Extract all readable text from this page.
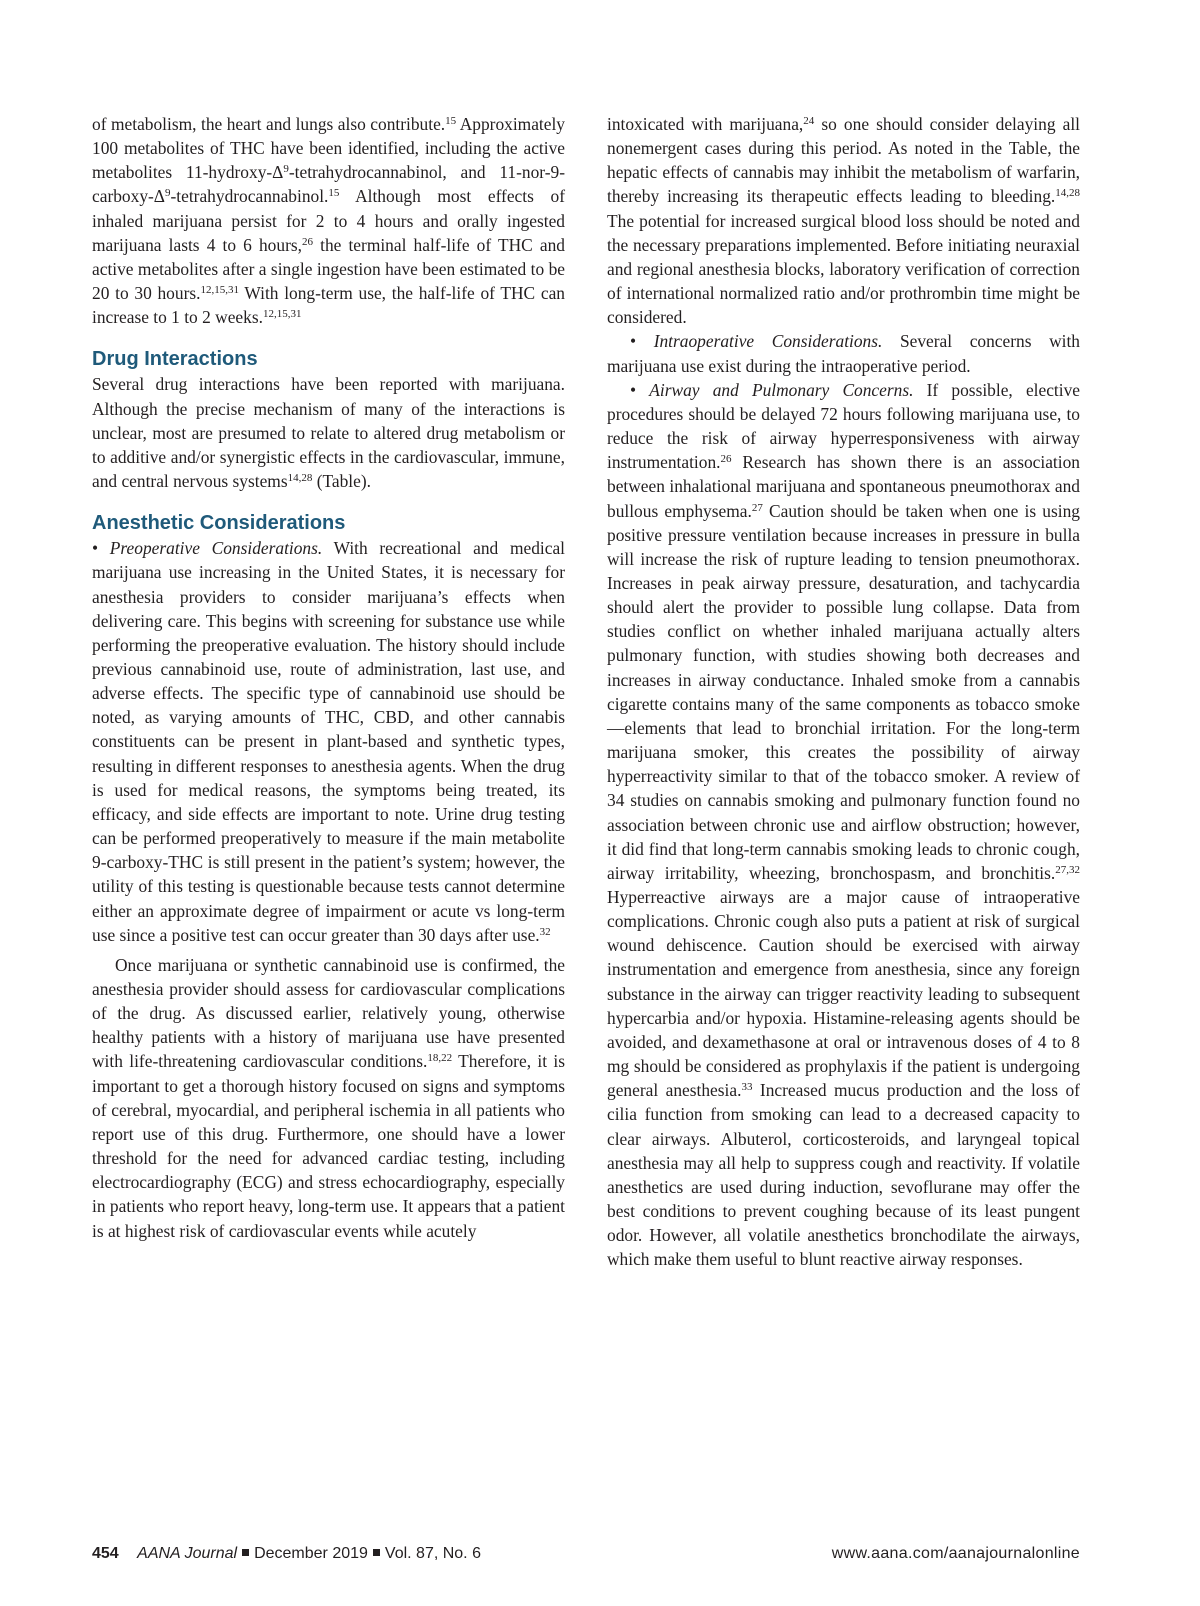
of metabolism, the heart and lungs also contribute.$^{15}$ Approximately 100 metabolites of THC have been identified, including the active metabolites $11-hydroxy-\Delta^9$-tetrahydrocannabinol, and $11-nor-9-carboxy-\Delta^9-tetrahydrocannabinol.^{15}$ Although most effects of inhaled marijuana persist for 2 to 4 hours and orally ingested marijuana lasts 4 to 6 hours,$^{26}$ the terminal half-life of THC and active metabolites after a single ingestion have been estimated to be 20 to 30 hours.$^{12,15,31}$ With long-term use, the half-life of THC can increase to 1 to 2 weeks.$^{12,15,31}$

Drug Interactions

Several drug interactions have been reported with marijuana. Although the precise mechanism of many of the interactions is unclear, most are presumed to relate to altered drug metabolism or to additive and/or synergistic effects in the cardiovascular, immune, and central nervous systems$^{14,28}$ (Table).

Anesthetic Considerations

• Preoperative Considerations. With recreational and medical marijuana use increasing in the United States, it is necessary for anesthesia providers to consider marijuana’s effects when delivering care. This begins with screening for substance use while performing the preoperative evaluation. The history should include previous cannabinoid use, route of administration, last use, and adverse effects. The specific type of cannabinoid use should be noted, as varying amounts of THC, CBD, and other cannabis constituents can be present in plant-based and synthetic types, resulting in different responses to anesthesia agents. When the drug is used for medical reasons, the symptoms being treated, its efficacy, and side effects are important to note. Urine drug testing can be performed preoperatively to measure if the main metabolite 9-carboxy-THC is still present in the patient’s system; however, the utility of this testing is questionable because tests cannot determine either an approximate degree of impairment or acute vs long-term use since a positive test can occur greater than 30 days after use.$^{32}$

Once marijuana or synthetic cannabinoid use is confirmed, the anesthesia provider should assess for cardiovascular complications of the drug. As discussed earlier, relatively young, otherwise healthy patients with a history of marijuana use have presented with life-threatening cardiovascular conditions.$^{18,22}$ Therefore, it is important to get a thorough history focused on signs and symptoms of cerebral, myocardial, and peripheral ischemia in all patients who report use of this drug. Furthermore, one should have a lower threshold for the need for advanced cardiac testing, including electrocardiography (ECG) and stress echocardiography, especially in patients who report heavy, long-term use. It appears that a patient is at highest risk of cardiovascular events while acutely

intoxicated with marijuana,$^{24}$ so one should consider delaying all nonemergent cases during this period. As noted in the Table, the hepatic effects of cannabis may inhibit the metabolism of warfarin, thereby increasing its therapeutic effects leading to bleeding.$^{14,28}$ The potential for increased surgical blood loss should be noted and the necessary preparations implemented. Before initiating neuraxial and regional anesthesia blocks, laboratory verification of correction of international normalized ratio and/or prothrombin time might be considered.

• Intraoperative Considerations. Several concerns with marijuana use exist during the intraoperative period.

• Airway and Pulmonary Concerns. If possible, elective procedures should be delayed 72 hours following marijuana use, to reduce the risk of airway hyperresponsiveness with airway instrumentation.$^{26}$ Research has shown there is an association between inhalational marijuana and spontaneous pneumothorax and bullous emphysema.$^{27}$ Caution should be taken when one is using positive pressure ventilation because increases in pressure in bulla will increase the risk of rupture leading to tension pneumothorax. Increases in peak airway pressure, desaturation, and tachycardia should alert the provider to possible lung collapse. Data from studies conflict on whether inhaled marijuana actually alters pulmonary function, with studies showing both decreases and increases in airway conductance. Inhaled smoke from a cannabis cigarette contains many of the same components as tobacco smoke—elements that lead to bronchial irritation. For the long-term marijuana smoker, this creates the possibility of airway hyperreactivity similar to that of the tobacco smoker. A review of 34 studies on cannabis smoking and pulmonary function found no association between chronic use and airflow obstruction; however, it did find that long-term cannabis smoking leads to chronic cough, airway irritability, wheezing, bronchospasm, and bronchitis.$^{27,32}$ Hyperreactive airways are a major cause of intraoperative complications. Chronic cough also puts a patient at risk of surgical wound dehiscence. Caution should be exercised with airway instrumentation and emergence from anesthesia, since any foreign substance in the airway can trigger reactivity leading to subsequent hypercarbia and/or hypoxia. Histamine-releasing agents should be avoided, and dexamethasone at oral or intravenous doses of 4 to 8 mg should be considered as prophylaxis if the patient is undergoing general anesthesia.$^{33}$ Increased mucus production and the loss of cilia function from smoking can lead to a decreased capacity to clear airways. Albuterol, corticosteroids, and laryngeal topical anesthesia may all help to suppress cough and reactivity. If volatile anesthetics are used during induction, sevoflurane may offer the best conditions to prevent coughing because of its least pungent odor. However, all volatile anesthetics bronchodilate the airways, which make them useful to blunt reactive airway responses.

454 AANA Journal December 2019 Vol. 87, No. 6	www.aana.com/aanajournalonline
